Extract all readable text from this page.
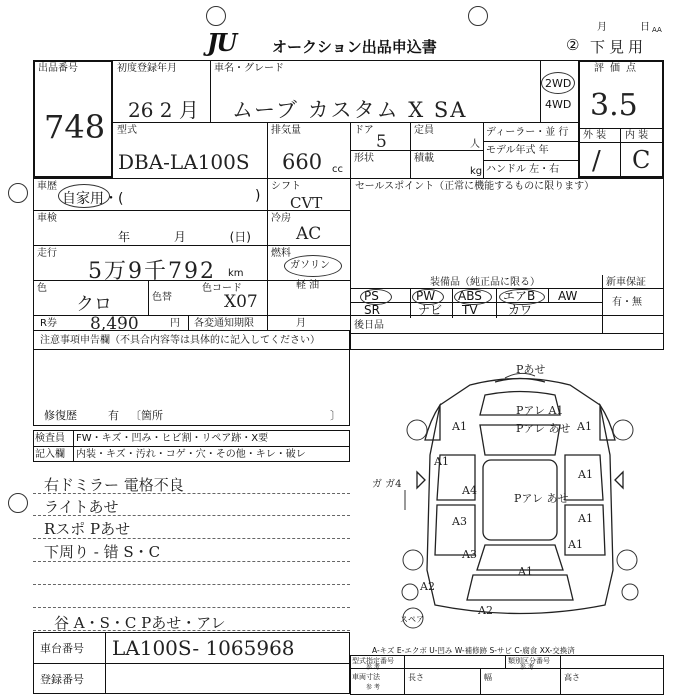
JU	オークション出品申込書
月	日 AA
② 下見用
出品番号
748
初度登録年月
26 2 月
車名・グレード
ムーブ カスタム X SA
2WD
4WD
評価点
3.5
型式
DBA-LA100S
排気量
660 cc
ドア
5
形状
定員
人
積載
kg
ディーラー・並 行
モデル年式 年
ハンドル 左・右
外 装 内 装
/ C
車歴
自家用・(	)
シフト
CVT
セールスポイント（正常に機能するものに限ります）
車検
年 月 (日)
冷房
AC
走行
5万9千792 km
燃料
ガソリン
軽 油
色
クロ	色替
色コード
X07
R券 8,490	円 各変通知期限	月
装備品（純正品に限る）	新車保証
有・無
PS	PW ABS エアB AW
SR	ナビ TV	カワ
後日品
注意事項申告欄（不具合内容等は具体的に記入してください）
修復歴	有 〔箇所	〕
検査員 FW・キズ・凹み・ヒビ割・リペア跡・X要
記入欄 内装・キズ・汚れ・コゲ・穴・その他・キレ・破レ
右ドミラー 電格不良
ライトあせ
Rスポ Pあせ
下周り - 错 S・C
谷 A・S・C Pあせ・アレ
車台番号 LA100S- 1065968
登録番号
Pあせ
A1	A1
Pアレ A1
Pアレ あせ
A1
A1
ガ ガ4	A4
Pアレ あせ
A1
A3
A1
A1
A3
A2
A2
スペア
A-キズ E-エクボ U-凹み W-補修跡 S-サビ C-腐食 XX-交換済
型式指定番号
参 考
類別区分番号
参 考
車両寸法
参 考
長さ	幅	高さ
